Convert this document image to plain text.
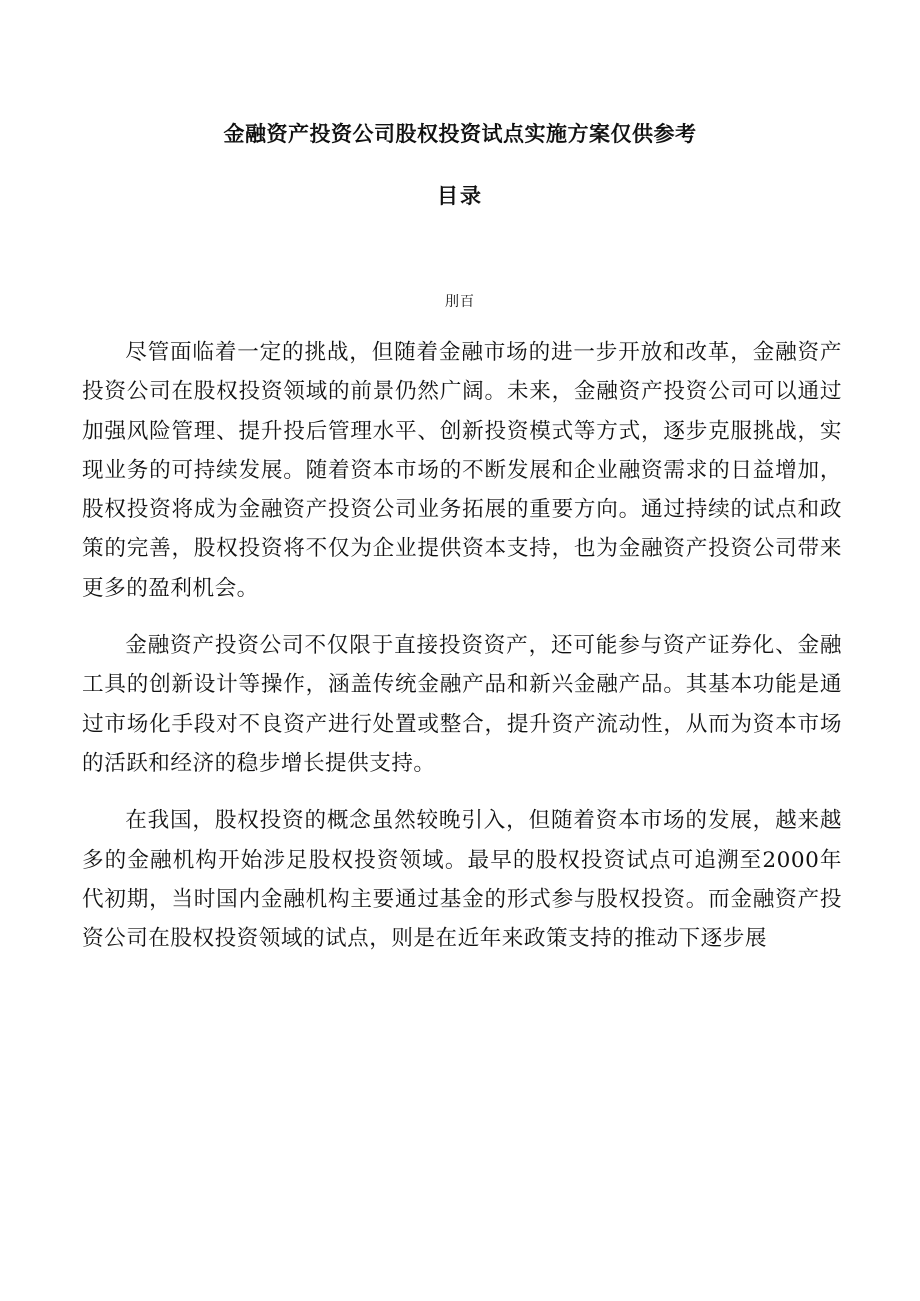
金融资产投资公司股权投资试点实施方案仅供参考
目录
刖百

尽管面临着一定的挑战，但随着金融市场的进一步开放和改革，金融资产投资公司在股权投资领域的前景仍然广阔。未来，金融资产投资公司可以通过加强风险管理、提升投后管理水平、创新投资模式等方式，逐步克服挑战，实现业务的可持续发展。随着资本市场的不断发展和企业融资需求的日益增加，股权投资将成为金融资产投资公司业务拓展的重要方向。通过持续的试点和政策的完善，股权投资将不仅为企业提供资本支持，也为金融资产投资公司带来更多的盈利机会。

金融资产投资公司不仅限于直接投资资产，还可能参与资产证券化、金融工具的创新设计等操作，涵盖传统金融产品和新兴金融产品。其基本功能是通过市场化手段对不良资产进行处置或整合，提升资产流动性，从而为资本市场的活跃和经济的稳步增长提供支持。

在我国，股权投资的概念虽然较晚引入，但随着资本市场的发展，越来越多的金融机构开始涉足股权投资领域。最早的股权投资试点可追溯至2000年代初期，当时国内金融机构主要通过基金的形式参与股权投资。而金融资产投资公司在股权投资领域的试点，则是在近年来政策支持的推动下逐步展
